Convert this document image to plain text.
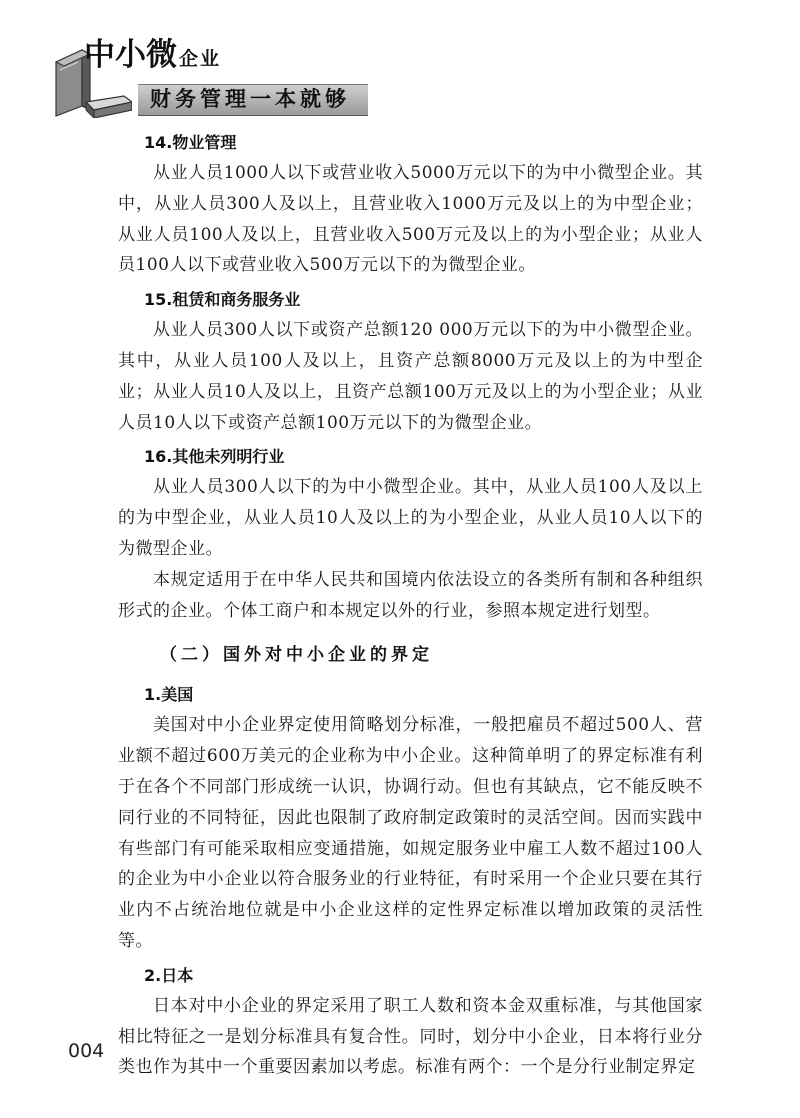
中小微 企业
财务管理一本就够
14.物业管理

从业人员1000人以下或营业收入5000万元以下的为中小微型企业。其中，从业人员300人及以上，且营业收入1000万元及以上的为中型企业；从业人员100人及以上，且营业收入500万元及以上的为小型企业；从业人员100人以下或营业收入500万元以下的为微型企业。

15.租赁和商务服务业

从业人员300人以下或资产总额120 000万元以下的为中小微型企业。其中，从业人员100人及以上，且资产总额8000万元及以上的为中型企业；从业人员10人及以上，且资产总额100万元及以上的为小型企业；从业人员10人以下或资产总额100万元以下的为微型企业。

16.其他未列明行业

从业人员300人以下的为中小微型企业。其中，从业人员100人及以上的为中型企业，从业人员10人及以上的为小型企业，从业人员10人以下的为微型企业。

本规定适用于在中华人民共和国境内依法设立的各类所有制和各种组织形式的企业。个体工商户和本规定以外的行业，参照本规定进行划型。

（二）国外对中小企业的界定
1.美国

美国对中小企业界定使用简略划分标准，一般把雇员不超过500人、营业额不超过600万美元的企业称为中小企业。这种简单明了的界定标准有利于在各个不同部门形成统一认识，协调行动。但也有其缺点，它不能反映不同行业的不同特征，因此也限制了政府制定政策时的灵活空间。因而实践中有些部门有可能采取相应变通措施，如规定服务业中雇工人数不超过100人的企业为中小企业以符合服务业的行业特征，有时采用一个企业只要在其行业内不占统治地位就是中小企业这样的定性界定标准以增加政策的灵活性等。

2.日本

日本对中小企业的界定采用了职工人数和资本金双重标准，与其他国家相比特征之一是划分标准具有复合性。同时，划分中小企业，日本将行业分类也作为其中一个重要因素加以考虑。标准有两个：一个是分行业制定界定

004
